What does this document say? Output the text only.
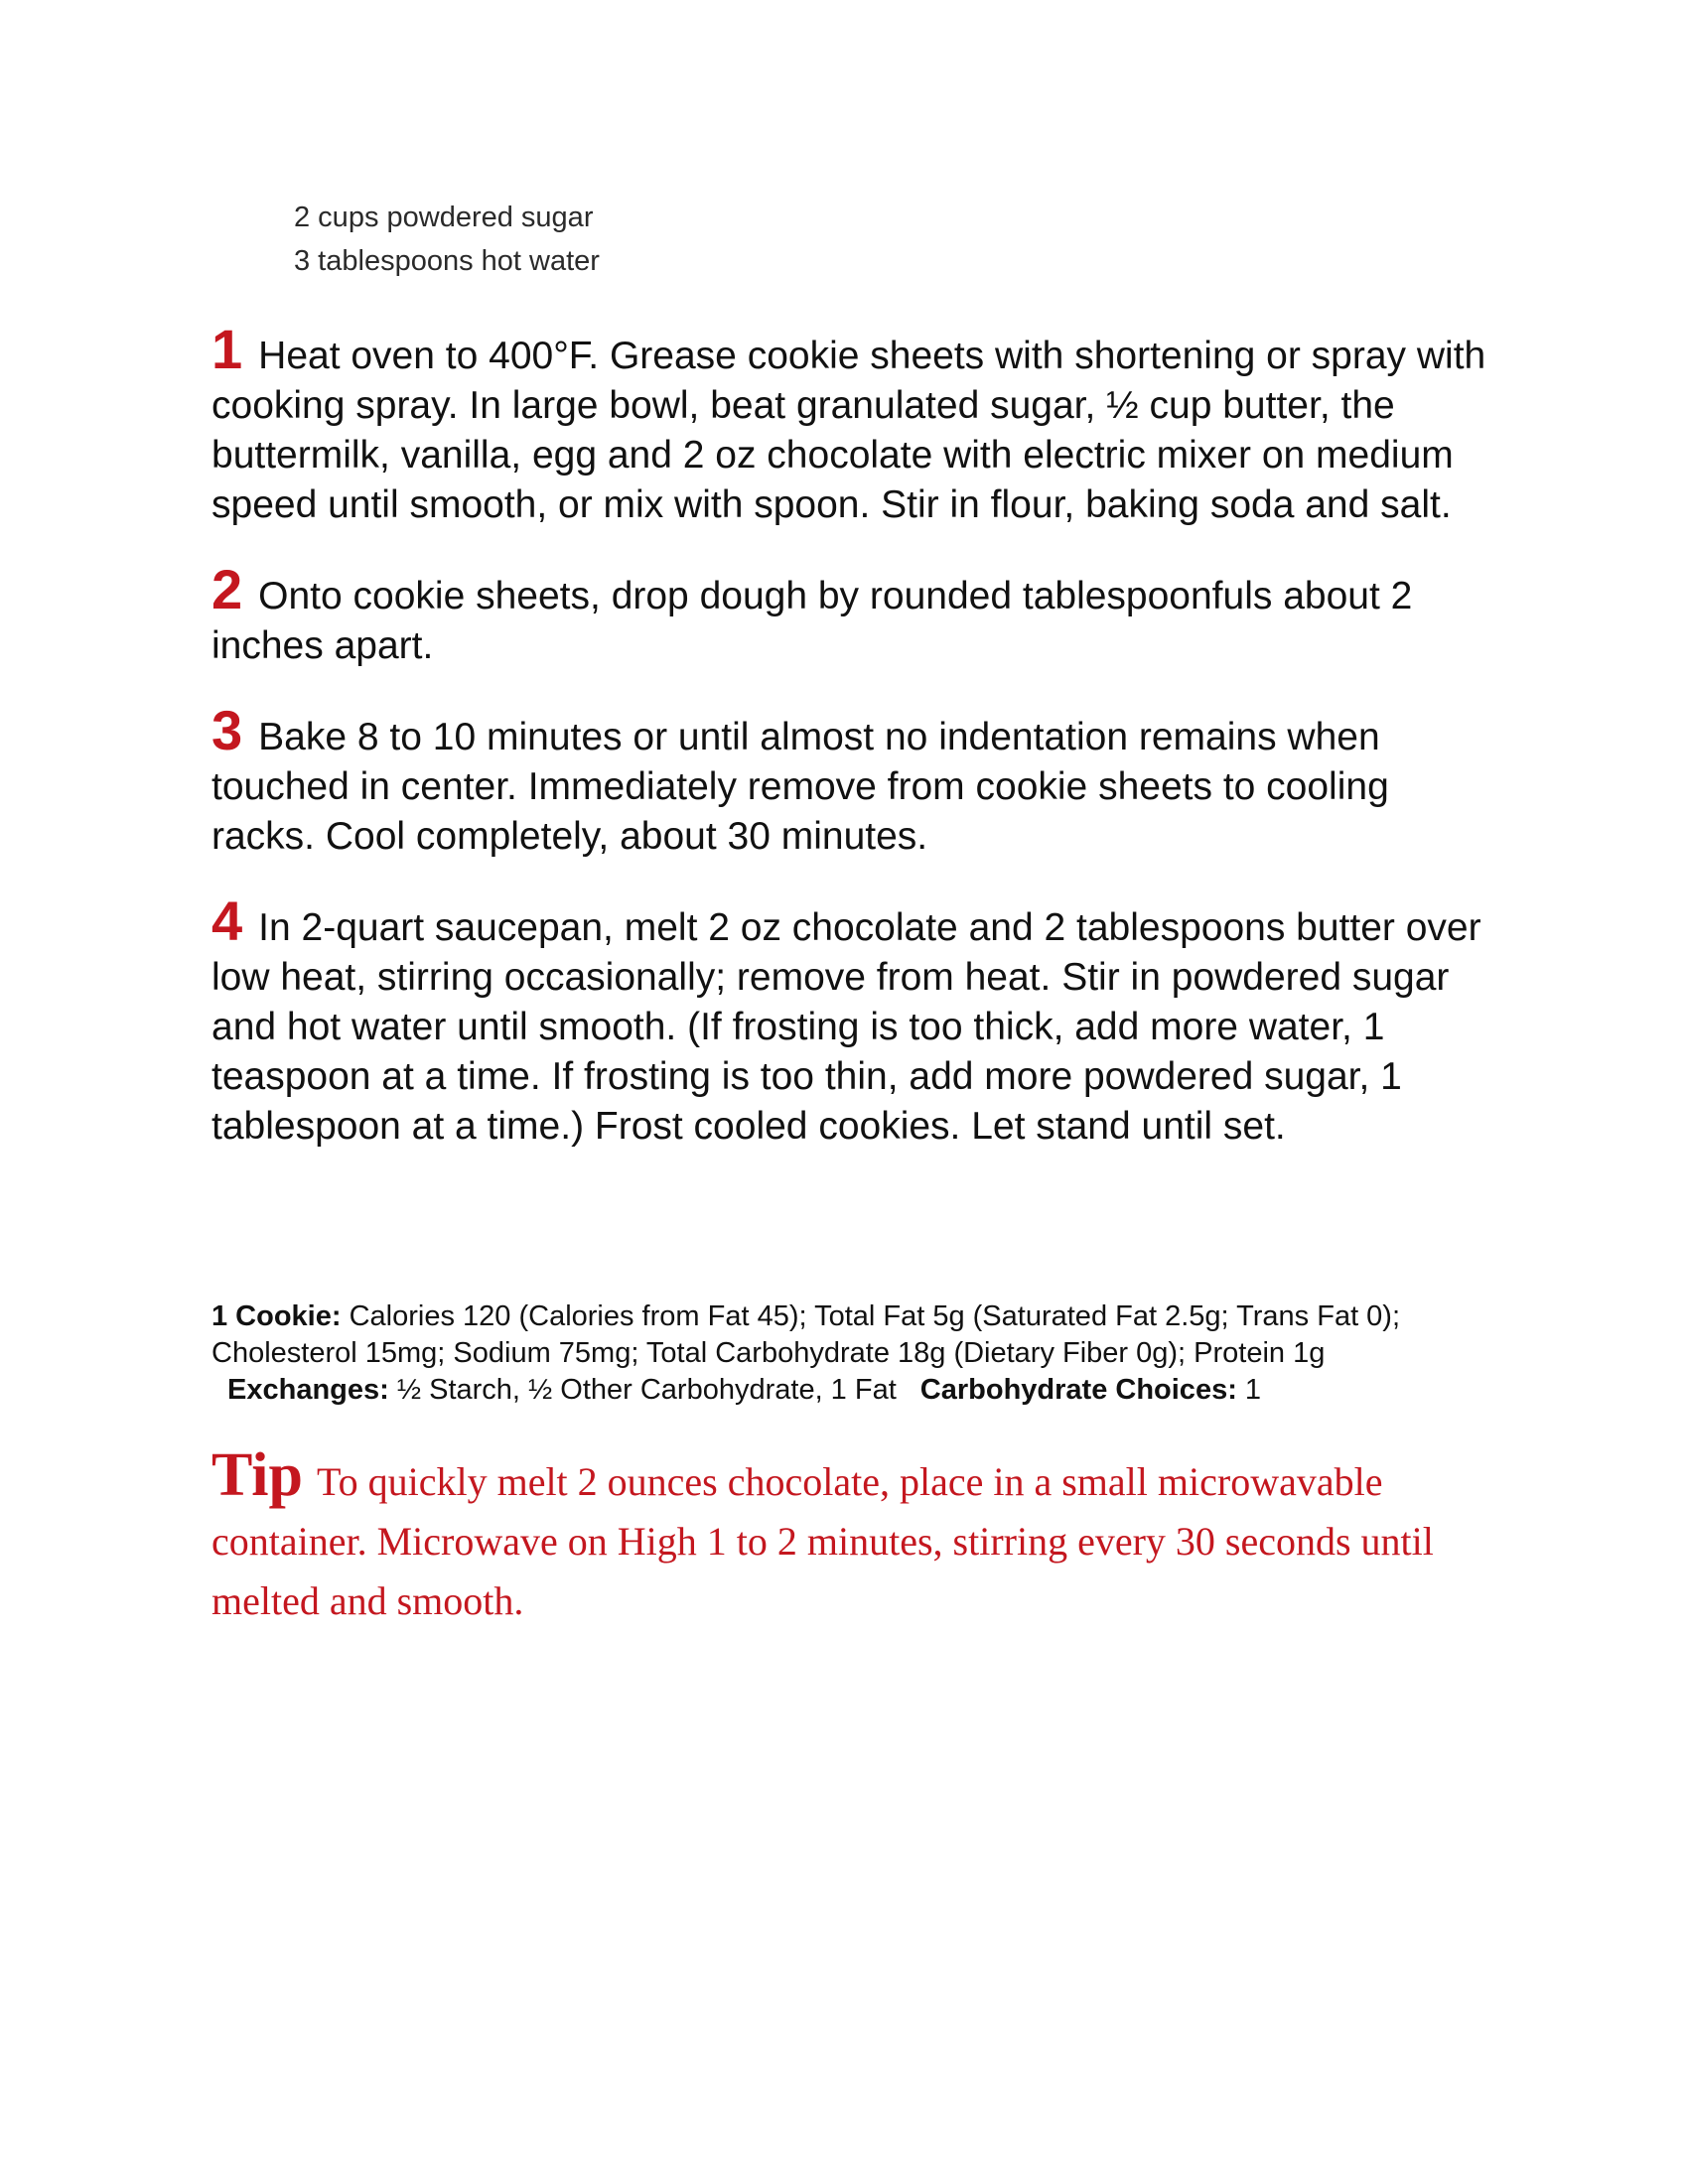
2 cups powdered sugar
3 tablespoons hot water

1 Heat oven to 400°F. Grease cookie sheets with shortening or spray with cooking spray. In large bowl, beat granulated sugar, ½ cup butter, the buttermilk, vanilla, egg and 2 oz chocolate with electric mixer on medium speed until smooth, or mix with spoon. Stir in flour, baking soda and salt.

2 Onto cookie sheets, drop dough by rounded tablespoonfuls about 2 inches apart.

3 Bake 8 to 10 minutes or until almost no indentation remains when touched in center. Immediately remove from cookie sheets to cooling racks. Cool completely, about 30 minutes.

4 In 2-quart saucepan, melt 2 oz chocolate and 2 tablespoons butter over low heat, stirring occasionally; remove from heat. Stir in powdered sugar and hot water until smooth. (If frosting is too thick, add more water, 1 teaspoon at a time. If frosting is too thin, add more powdered sugar, 1 tablespoon at a time.) Frost cooled cookies. Let stand until set.

1 Cookie: Calories 120 (Calories from Fat 45); Total Fat 5g (Saturated Fat 2.5g; Trans Fat 0); Cholesterol 15mg; Sodium 75mg; Total Carbohydrate 18g (Dietary Fiber 0g); Protein 1g
Exchanges: ½ Starch, ½ Other Carbohydrate, 1 Fat Carbohydrate Choices: 1
Tip To quickly melt 2 ounces chocolate, place in a small microwavable container. Microwave on High 1 to 2 minutes, stirring every 30 seconds until melted and smooth.
